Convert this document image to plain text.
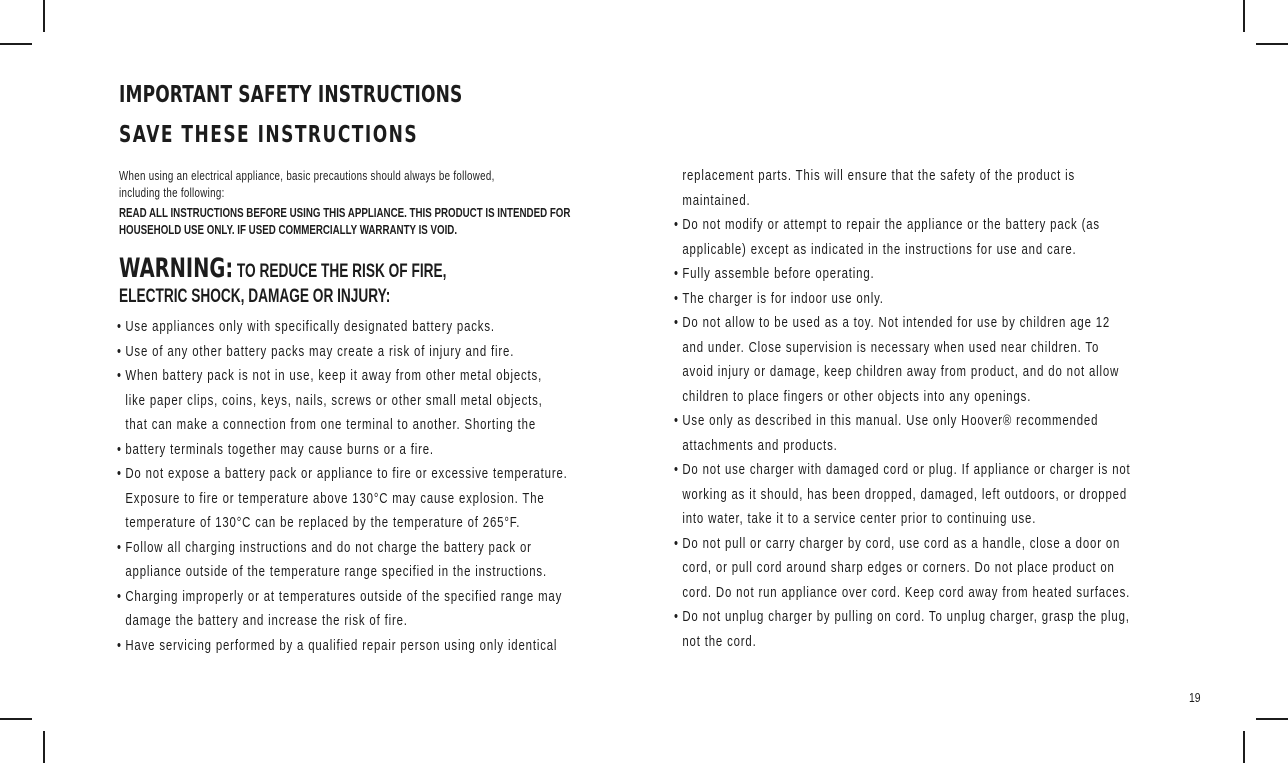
IMPORTANT SAFETY INSTRUCTIONS
SAVE THESE INSTRUCTIONS

When using an electrical appliance, basic precautions should always be followed,
including the following:

READ ALL INSTRUCTIONS BEFORE USING THIS APPLIANCE. THIS PRODUCT IS INTENDED FOR
HOUSEHOLD USE ONLY. IF USED COMMERCIALLY WARRANTY IS VOID.

WARNING: TO REDUCE THE RISK OF FIRE,
ELECTRIC SHOCK, DAMAGE OR INJURY:
• Use appliances only with specifically designated battery packs.
• Use of any other battery packs may create a risk of injury and fire.
• When battery pack is not in use, keep it away from other metal objects,
like paper clips, coins, keys, nails, screws or other small metal objects,
that can make a connection from one terminal to another. Shorting the
• battery terminals together may cause burns or a fire.
• Do not expose a battery pack or appliance to fire or excessive temperature.
Exposure to fire or temperature above 130°C may cause explosion. The
temperature of 130°C can be replaced by the temperature of 265°F.
• Follow all charging instructions and do not charge the battery pack or
appliance outside of the temperature range specified in the instructions.
• Charging improperly or at temperatures outside of the specified range may
damage the battery and increase the risk of fire.
• Have servicing performed by a qualified repair person using only identical
replacement parts. This will ensure that the safety of the product is
maintained.
• Do not modify or attempt to repair the appliance or the battery pack (as
applicable) except as indicated in the instructions for use and care.
• Fully assemble before operating.
• The charger is for indoor use only.
• Do not allow to be used as a toy. Not intended for use by children age 12
and under. Close supervision is necessary when used near children. To
avoid injury or damage, keep children away from product, and do not allow
children to place fingers or other objects into any openings.
• Use only as described in this manual. Use only Hoover® recommended
attachments and products.
• Do not use charger with damaged cord or plug. If appliance or charger is not
working as it should, has been dropped, damaged, left outdoors, or dropped
into water, take it to a service center prior to continuing use.
• Do not pull or carry charger by cord, use cord as a handle, close a door on
cord, or pull cord around sharp edges or corners. Do not place product on
cord. Do not run appliance over cord. Keep cord away from heated surfaces.
• Do not unplug charger by pulling on cord. To unplug charger, grasp the plug,
not the cord.
19
